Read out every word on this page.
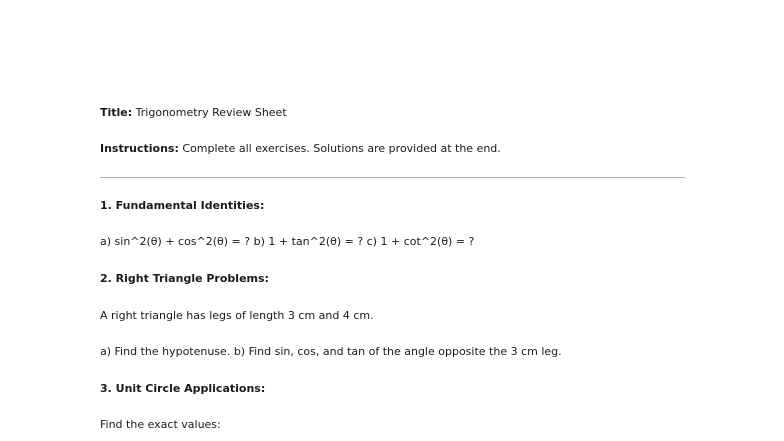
Title: Trigonometry Review Sheet
Instructions: Complete all exercises. Solutions are provided at the end.
1. Fundamental Identities:
a) sin^2(θ) + cos^2(θ) = ? b) 1 + tan^2(θ) = ? c) 1 + cot^2(θ) = ?
2. Right Triangle Problems:
A right triangle has legs of length 3 cm and 4 cm.
a) Find the hypotenuse. b) Find sin, cos, and tan of the angle opposite the 3 cm leg.
3. Unit Circle Applications:
Find the exact values:
